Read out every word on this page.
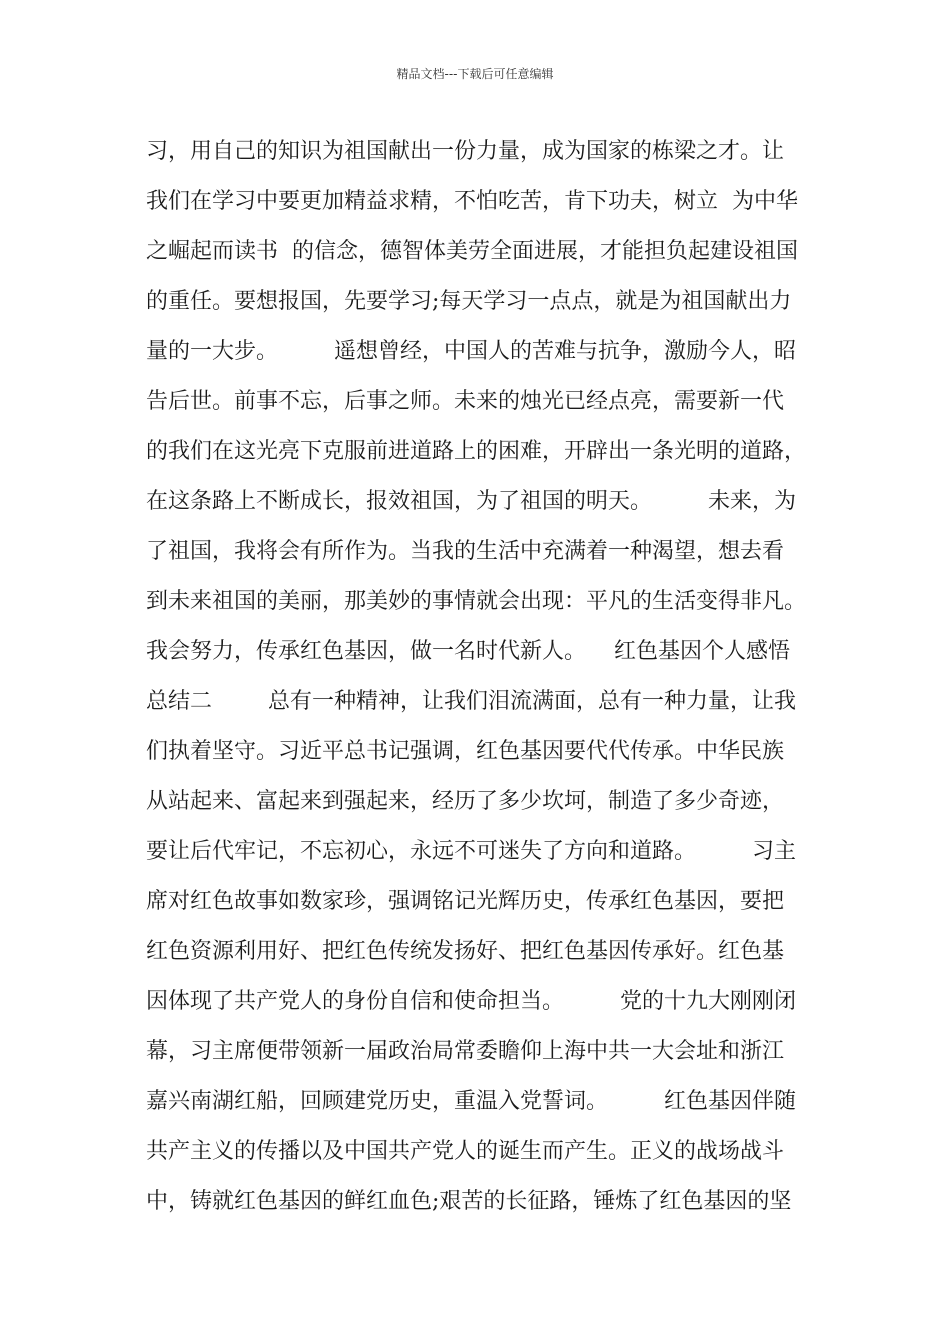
精品文档---下载后可任意编辑
习，用自己的知识为祖国献出一份力量，成为国家的栋梁之才。让
我们在学习中要更加精益求精，不怕吃苦，肯下功夫，树立  为中华
之崛起而读书  的信念，德智体美劳全面进展，才能担负起建设祖国
的重任。要想报国，先要学习;每天学习一点点，就是为祖国献出力
量的一大步。        遥想曾经，中国人的苦难与抗争，激励今人，昭
告后世。前事不忘，后事之师。未来的烛光已经点亮，需要新一代
的我们在这光亮下克服前进道路上的困难，开辟出一条光明的道路，
在这条路上不断成长，报效祖国，为了祖国的明天。        未来，为
了祖国，我将会有所作为。当我的生活中充满着一种渴望，想去看
到未来祖国的美丽，那美妙的事情就会出现：平凡的生活变得非凡。
我会努力，传承红色基因，做一名时代新人。    红色基因个人感悟
总结二        总有一种精神，让我们泪流满面，总有一种力量，让我
们执着坚守。习近平总书记强调，红色基因要代代传承。中华民族
从站起来、富起来到强起来，经历了多少坎坷，制造了多少奇迹，
要让后代牢记，不忘初心，永远不可迷失了方向和道路。        习主
席对红色故事如数家珍，强调铭记光辉历史，传承红色基因，要把
红色资源利用好、把红色传统发扬好、把红色基因传承好。红色基
因体现了共产党人的身份自信和使命担当。        党的十九大刚刚闭
幕，习主席便带领新一届政治局常委瞻仰上海中共一大会址和浙江
嘉兴南湖红船，回顾建党历史，重温入党誓词。        红色基因伴随
共产主义的传播以及中国共产党人的诞生而产生。正义的战场战斗
中，铸就红色基因的鲜红血色;艰苦的长征路，锤炼了红色基因的坚
